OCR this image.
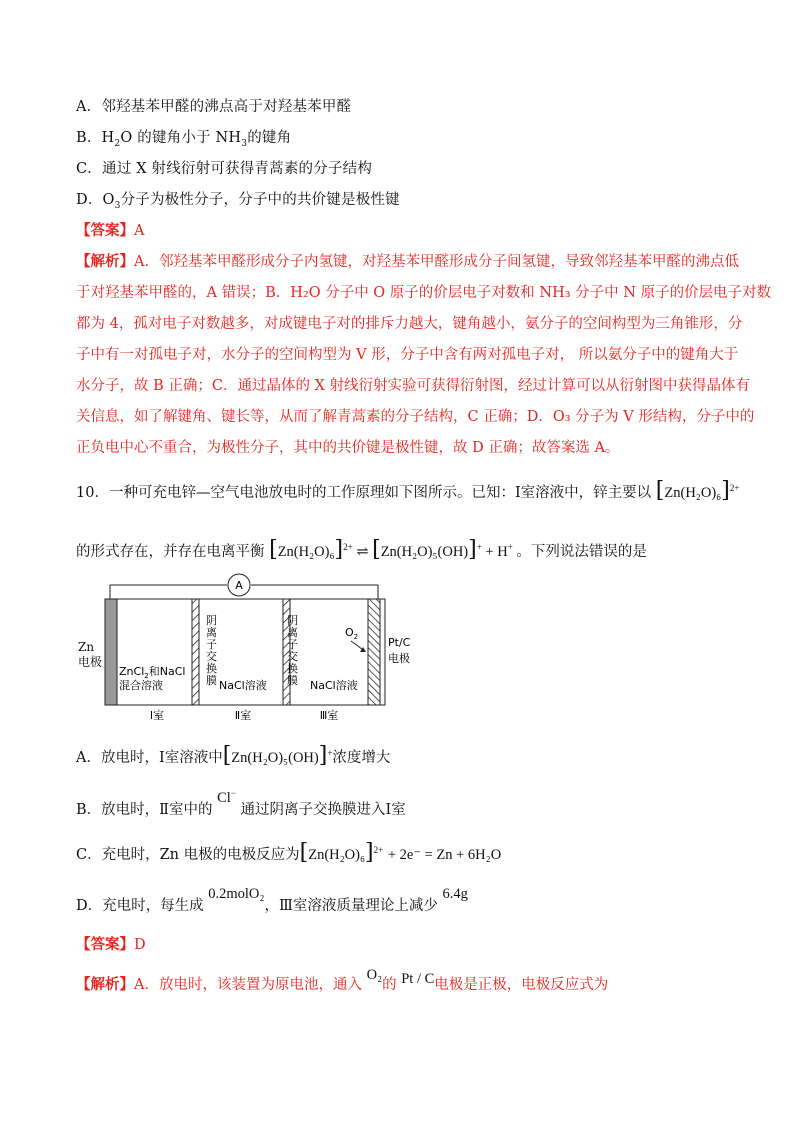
A．邻羟基苯甲醛的沸点高于对羟基苯甲醛
B．$H_2O$ 的键角小于 $NH_3$的键角
C．通过 X 射线衍射可获得青蒿素的分子结构
D．$O_3$分子为极性分子，分子中的共价键是极性键
【答案】A
【解析】A．邻羟基苯甲醛形成分子内氢键，对羟基苯甲醛形成分子间氢键，导致邻羟基苯甲醛的沸点低
于对羟基苯甲醛的，A 错误；B．H₂O 分子中 O 原子的价层电子对数和 NH₃ 分子中 N 原子的价层电子对数
都为 4，孤对电子对数越多，对成键电子对的排斥力越大，键角越小，氨分子的空间构型为三角锥形，分
子中有一对孤电子对，水分子的空间构型为 V 形，分子中含有两对孤电子对， 所以氨分子中的键角大于
水分子，故 B 正确；C．通过晶体的 X 射线衍射实验可获得衍射图，经过计算可以从衍射图中获得晶体有
关信息，如了解键角、键长等，从而了解青蒿素的分子结构，C 正确；D．O₃ 分子为 V 形结构，分子中的
正负电中心不重合，为极性分子，其中的共价键是极性键，故 D 正确；故答案选 A。
10．一种可充电锌—空气电池放电时的工作原理如下图所示。已知：Ⅰ室溶液中，锌主要以 $[Zn(H_2O)_6]^{2+}$
的形式存在，并存在电离平衡 $[Zn(H_2O)_6]^{2+}$ ⇌ [Zn(H₂O)₅(OH)]+ + H+ 。下列说法错误的是
A
阴
离
子
交
换
膜
阴
离
子
交
换
膜
$O_2$	Pt/C
电极
ZnCl$_2$和NaCl
混合溶液	NaCl溶液	NaCl溶液
Ⅰ室	Ⅱ室	Ⅲ室
Zn
电极
A．放电时，Ⅰ室溶液中[Zn(H₂O)₅(OH)]+浓度增大
B．放电时，Ⅱ室中的 Cl− 通过阴离子交换膜进入Ⅰ室
C．充电时，Zn 电极的电极反应为$[Zn(H_2O)_6]^{2+} + 2e^- = Zn + 6H_2O$
D．充电时，每生成 0.2molO₂，Ⅲ室溶液质量理论上减少 6.4g
【答案】D
【解析】A．放电时，该装置为原电池，通入 O₂的 Pt / C电极是正极，电极反应式为
